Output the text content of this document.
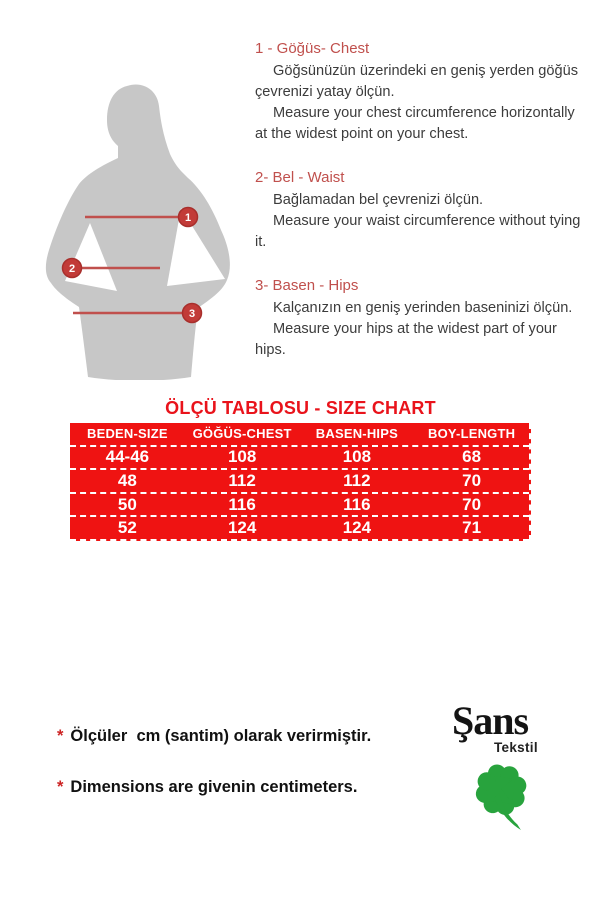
1
2
3
1 - Göğüs- Chest

Göğsünüzün üzerindeki en geniş yerden göğüs çevrenizi yatay ölçün.

Measure your chest circumference horizontally at the widest point on your chest.

2- Bel - Waist

Bağlamadan bel çevrenizi ölçün.

Measure your waist circumference without tying it.

3- Basen - Hips

Kalçanızın en geniş yerinden baseninizi ölçün.

Measure your hips at the widest part of your hips.

ÖLÇÜ TABLOSU - SIZE CHART
BEDEN-SIZE	GÖĞÜS-CHEST	BASEN-HIPS	BOY-LENGTH
44-46	108	108	68
48	112	112	70
50	116	116	70
52	124	124	71
* Ölçüler  cm (santim) olarak verirmiştir.
* Dimensions are givenin centimeters.
Şans
Tekstil
